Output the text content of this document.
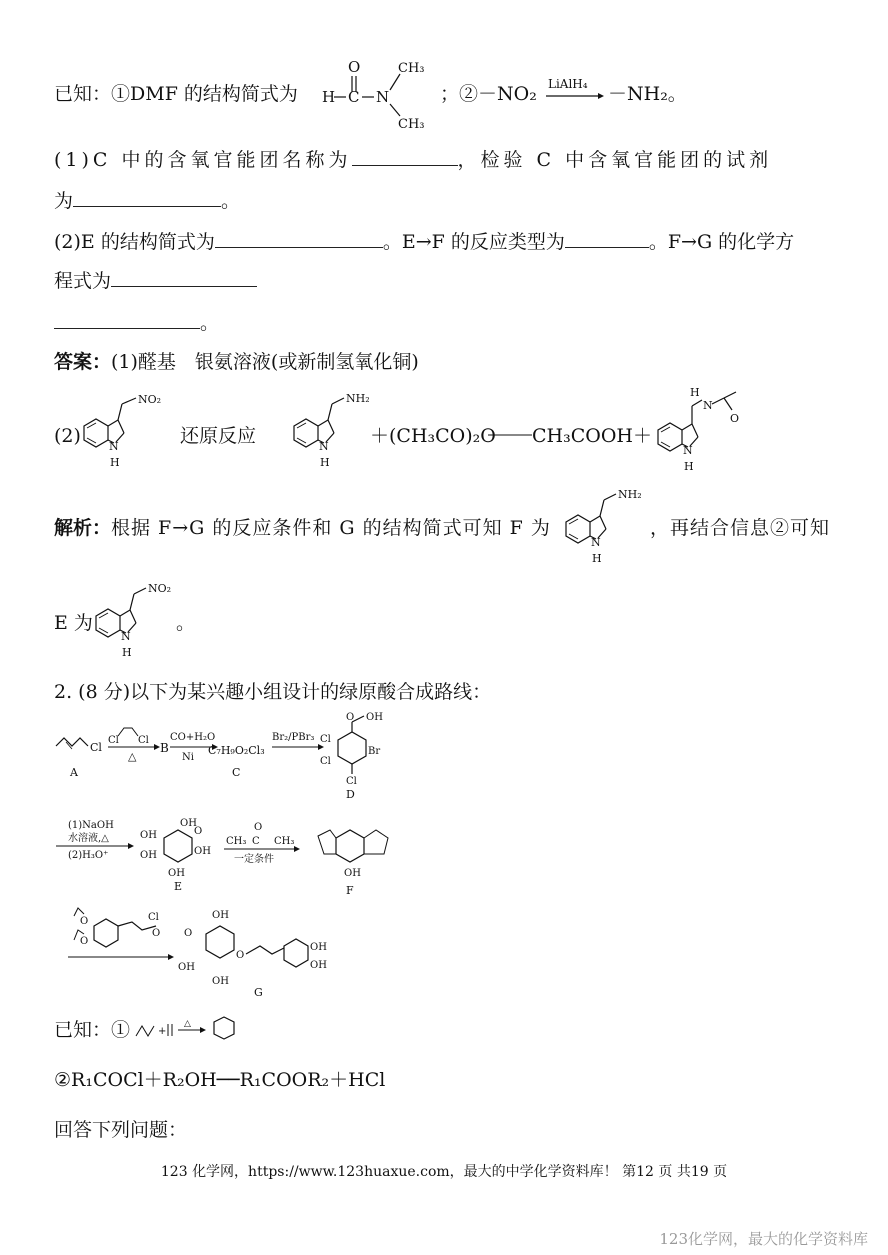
已知：①DMF 的结构简式为
O
H C N
CH₃
CH₃
；②－NO₂ LiAlH₄ －NH₂。
(1)C 中的含氧官能团名称为	，检验 C 中含氧官能团的试剂
为	。
(2)E 的结构简式为	。E→F 的反应类型为	。F→G 的化学方
程式为
。
答案：(1)醛基　银氨溶液(或新制氢氧化铜)
(2)
NO₂
N
H
还原反应
NH₂
N
H
＋(CH₃CO)₂O CH₃COOH＋
N
H
O
N
H
解析：根据 F→G 的反应条件和 G 的结构简式可知 F 为
NH₂
N
H
，再结合信息②可知
E 为
NO₂
N
H
。
2. (8 分)以下为某兴趣小组设计的绿原酸合成路线：
Cl
A
Cl Cl
△
B
CO+H₂O
Ni
C₇H₉O₂Cl₃
C
Br₂/PBr₃
O OH
Br
Cl
Cl
Cl
D
(1)NaOH
水溶液,△
(2)H₃O⁺
OH
O
OH
OH	OH
OH
E
O
CH₃ C CH₃
一定条件
OH
F
O
O
Cl
O
OH
O
OH
OH
O
OH
OH
G
已知：①	+
△
②R₁COCl＋R₂OH──R₁COOR₂＋HCl
回答下列问题：
123 化学网，https://www.123huaxue.com，最大的中学化学资料库！ 第12 页 共19 页
123化学网，最大的化学资料库
